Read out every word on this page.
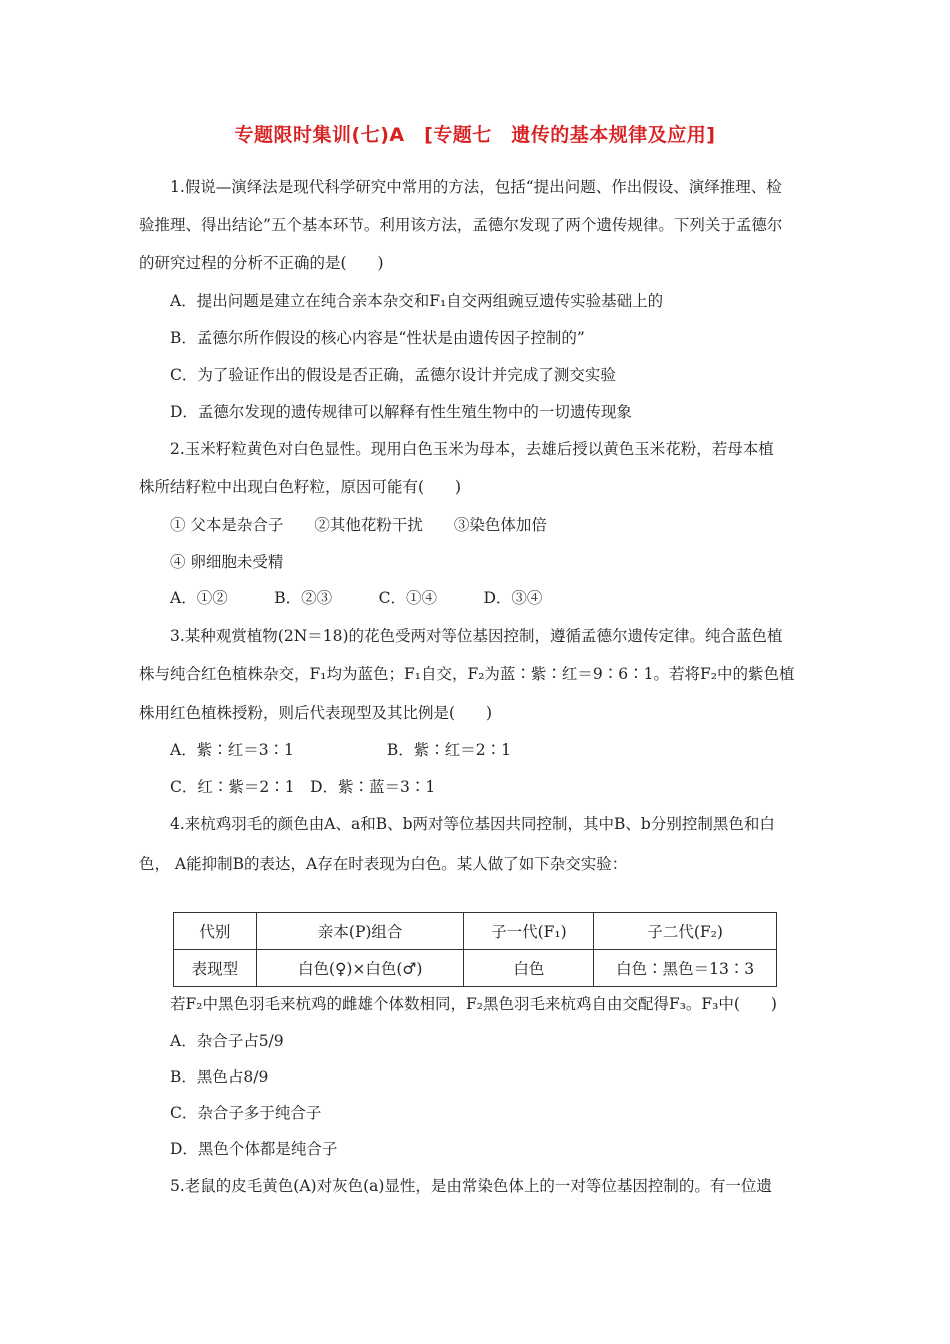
专题限时集训(七)A　[专题七　遗传的基本规律及应用]
1.假说—演绎法是现代科学研究中常用的方法，包括“提出问题、作出假设、演绎推理、检
验推理、得出结论”五个基本环节。利用该方法，孟德尔发现了两个遗传规律。下列关于孟德尔
的研究过程的分析不正确的是(　　)
A．提出问题是建立在纯合亲本杂交和F₁自交两组豌豆遗传实验基础上的
B．孟德尔所作假设的核心内容是“性状是由遗传因子控制的”
C．为了验证作出的假设是否正确，孟德尔设计并完成了测交实验
D．孟德尔发现的遗传规律可以解释有性生殖生物中的一切遗传现象
2.玉米籽粒黄色对白色显性。现用白色玉米为母本，去雄后授以黄色玉米花粉，若母本植
株所结籽粒中出现白色籽粒，原因可能有(　　)
① 父本是杂合子　　②其他花粉干扰　　③染色体加倍
④ 卵细胞未受精
A．①②　　　B．②③　　　C．①④　　　D．③④
3.某种观赏植物(2N＝18)的花色受两对等位基因控制，遵循孟德尔遗传定律。纯合蓝色植
株与纯合红色植株杂交，F₁均为蓝色；F₁自交，F₂为蓝∶紫∶红＝9∶6∶1。若将F₂中的紫色植
株用红色植株授粉，则后代表现型及其比例是(　　)
A．紫∶红＝3∶1　　　　　　B．紫∶红＝2∶1
C．红∶紫＝2∶1　D．紫∶蓝＝3∶1
4.来杭鸡羽毛的颜色由A、a和B、b两对等位基因共同控制，其中B、b分别控制黑色和白
色， A能抑制B的表达，A存在时表现为白色。某人做了如下杂交实验：
代别	亲本(P)组合	子一代(F₁)	子二代(F₂)
表现型	白色(♀)×白色(♂)	白色	白色∶黑色＝13∶3
若F₂中黑色羽毛来杭鸡的雌雄个体数相同，F₂黑色羽毛来杭鸡自由交配得F₃。F₃中(　　)
A．杂合子占5/9
B．黑色占8/9
C．杂合子多于纯合子
D．黑色个体都是纯合子
5.老鼠的皮毛黄色(A)对灰色(a)显性，是由常染色体上的一对等位基因控制的。有一位遗
